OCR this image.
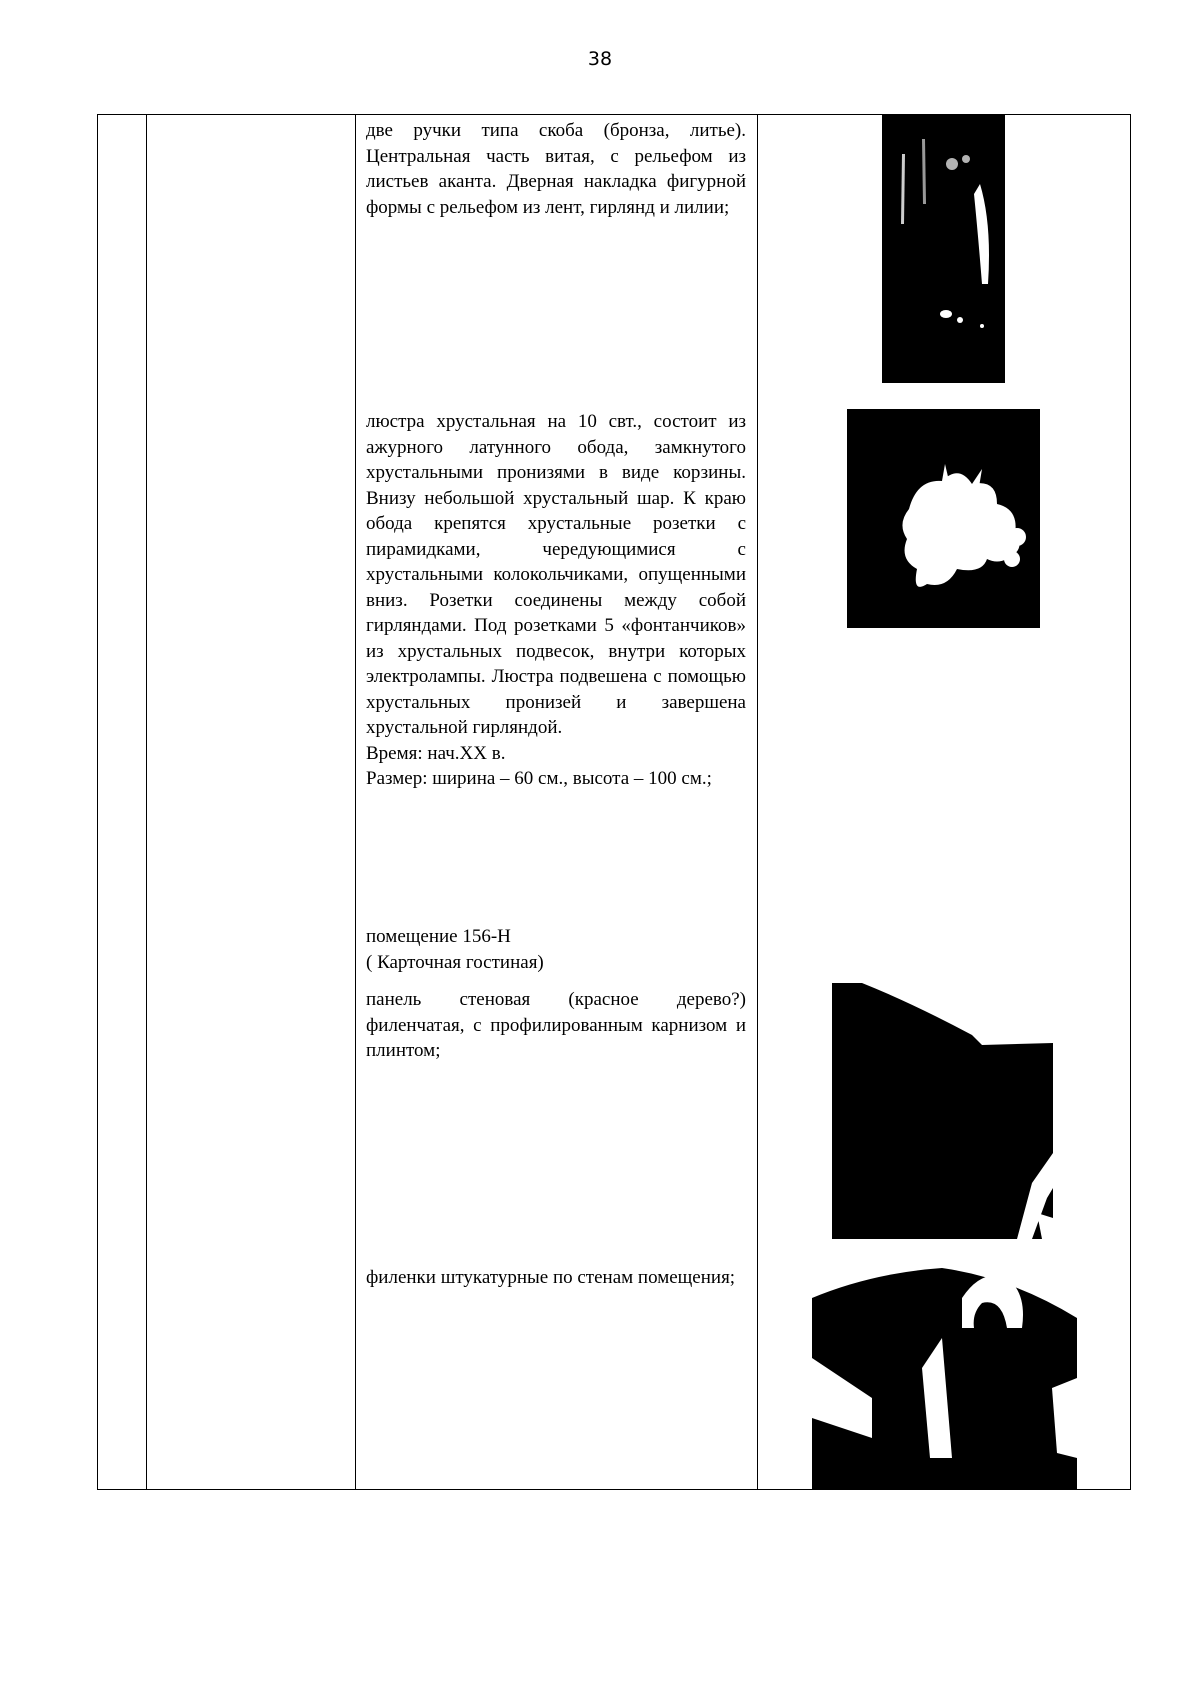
38

две ручки типа скоба (бронза, литье). Центральная часть витая, с рельефом из листьев аканта. Дверная накладка фигурной формы с рельефом из лент, гирлянд и лилии;

люстра хрустальная на 10 свт., состоит из ажурного латунного обода, замкнутого хрустальными пронизями в виде корзины. Внизу небольшой хрустальный шар. К краю обода крепятся хрустальные розетки с пирамидками, чередующимися с хрустальными колокольчиками, опущенными вниз. Розетки соединены между собой гирляндами. Под розетками 5 «фонтанчиков» из хрустальных подвесок, внутри которых электролампы. Люстра подвешена с помощью хрустальных пронизей и завершена хрустальной гирляндой.

Время: нач.XX в.

Размер: ширина – 60 см., высота – 100 см.;

помещение 156-Н

( Карточная гостиная)

панель стеновая (красное дерево?) филенчатая, с профилированным карнизом и плинтом;

филенки штукатурные по стенам помещения;
